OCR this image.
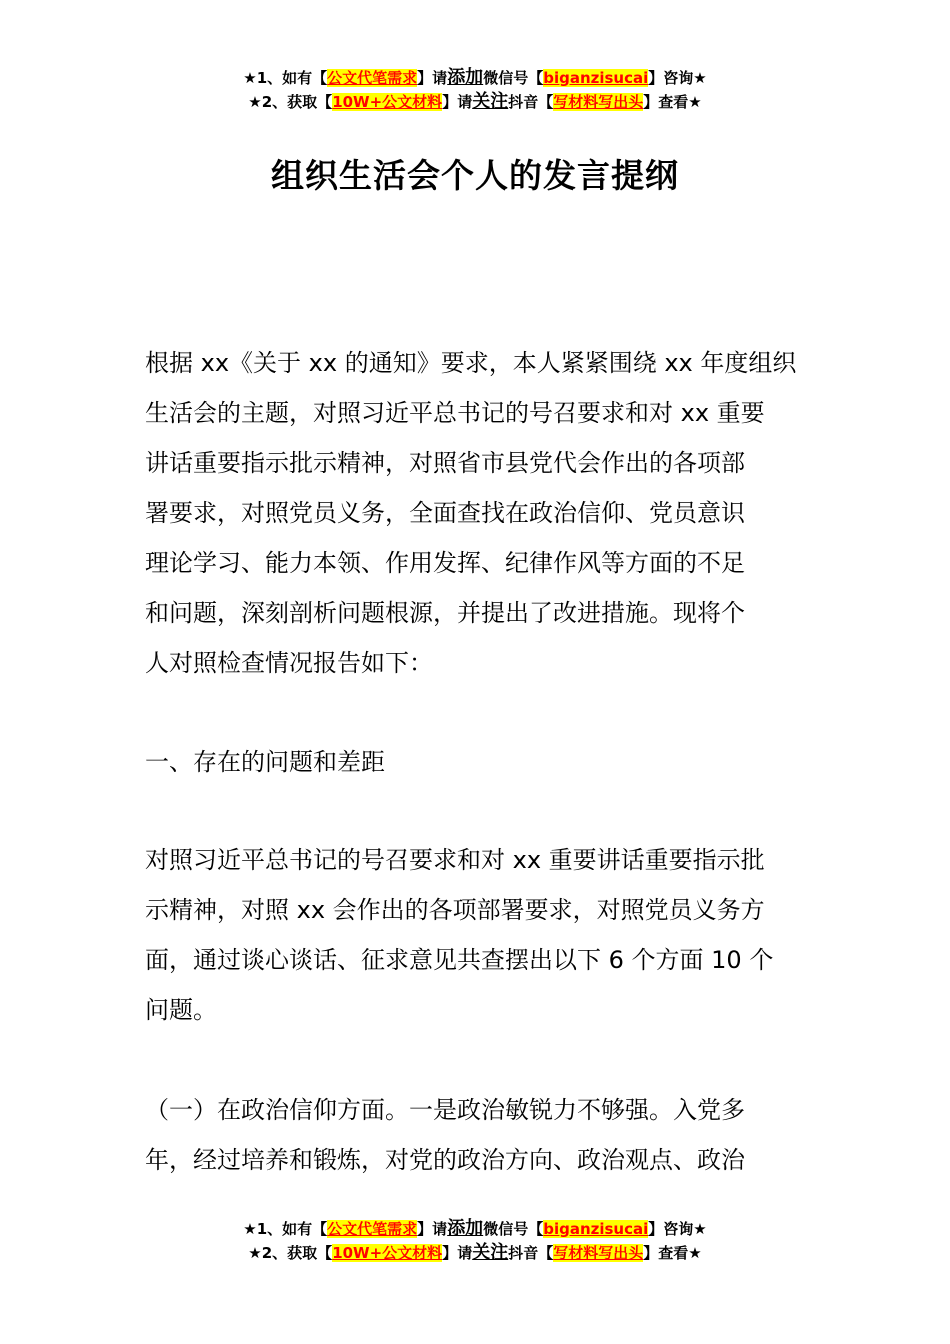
★1、如有【公文代笔需求】请添加微信号【biganzisucai】咨询★
★2、获取【10W+公文材料】请关注抖音【写材料写出头】查看★
组织生活会个人的发言提纲
根据 xx《关于 xx 的通知》要求，本人紧紧围绕 xx 年度组织
生活会的主题，对照习近平总书记的号召要求和对 xx 重要
讲话重要指示批示精神，对照省市县党代会作出的各项部
署要求，对照党员义务，全面查找在政治信仰、党员意识
理论学习、能力本领、作用发挥、纪律作风等方面的不足
和问题，深刻剖析问题根源，并提出了改进措施。现将个
人对照检查情况报告如下：
一、存在的问题和差距
对照习近平总书记的号召要求和对 xx 重要讲话重要指示批
示精神，对照 xx 会作出的各项部署要求，对照党员义务方
面，通过谈心谈话、征求意见共查摆出以下 6 个方面 10 个
问题。
（一）在政治信仰方面。一是政治敏锐力不够强。入党多
年，经过培养和锻炼，对党的政治方向、政治观点、政治
★1、如有【公文代笔需求】请添加微信号【biganzisucai】咨询★
★2、获取【10W+公文材料】请关注抖音【写材料写出头】查看★
